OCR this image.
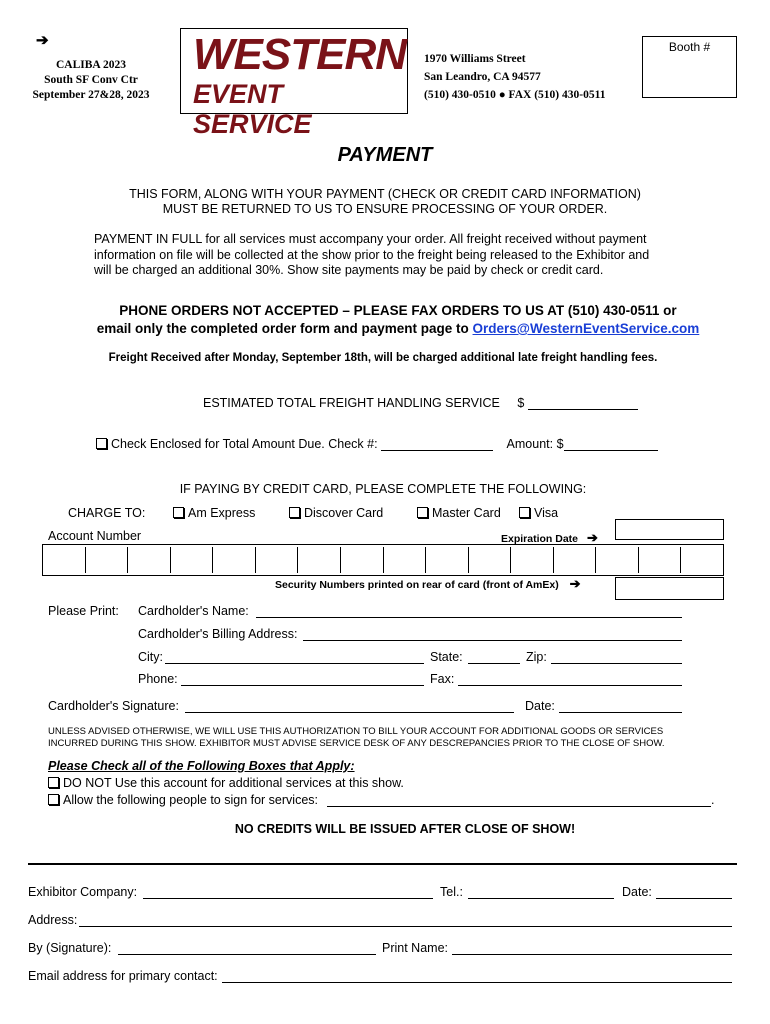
➔
CALIBA 2023
South SF Conv Ctr
September 27&28, 2023
WESTERN
EVENT SERVICE
1970 Williams Street
San Leandro, CA 94577
(510) 430-0510 ● FAX (510) 430-0511
Booth #
PAYMENT
THIS FORM, ALONG WITH YOUR PAYMENT (CHECK OR CREDIT CARD INFORMATION)
MUST BE RETURNED TO US TO ENSURE PROCESSING OF YOUR ORDER.
PAYMENT IN FULL for all services must accompany your order. All freight received without payment
information on file will be collected at the show prior to the freight being released to the Exhibitor and
will be charged an additional 30%. Show site payments may be paid by check or credit card.
PHONE ORDERS NOT ACCEPTED – PLEASE FAX ORDERS TO US AT (510) 430-0511 or
email only the completed order form and payment page to Orders@WesternEventService.com
Freight Received after Monday, September 18th, will be charged additional late freight handling fees.
ESTIMATED TOTAL FREIGHT HANDLING SERVICE $
Check Enclosed for Total Amount Due. Check #:	Amount: $
IF PAYING BY CREDIT CARD, PLEASE COMPLETE THE FOLLOWING:
CHARGE TO:	Am Express	Discover Card	Master Card	Visa
Account Number	Expiration Date ➔
Security Numbers printed on rear of card (front of AmEx) ➔
Please Print: Cardholder's Name:
Cardholder's Billing Address:
City:	State:	Zip:
Phone:	Fax:
Cardholder's Signature:	Date:
UNLESS ADVISED OTHERWISE, WE WILL USE THIS AUTHORIZATION TO BILL YOUR ACCOUNT FOR ADDITIONAL GOODS OR SERVICES
INCURRED DURING THIS SHOW. EXHIBITOR MUST ADVISE SERVICE DESK OF ANY DESCREPANCIES PRIOR TO THE CLOSE OF SHOW.
Please Check all of the Following Boxes that Apply:
DO NOT Use this account for additional services at this show.
Allow the following people to sign for services:	.
NO CREDITS WILL BE ISSUED AFTER CLOSE OF SHOW!
Exhibitor Company:	Tel.:	Date:
Address:
By (Signature):	Print Name:
Email address for primary contact:
